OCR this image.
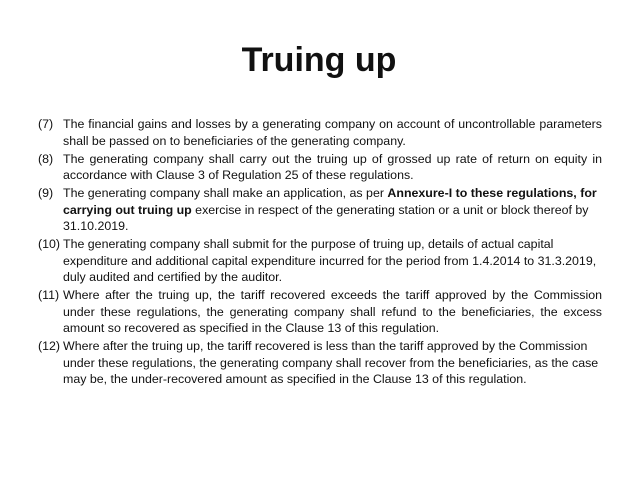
Truing up
(7) The financial gains and losses by a generating company on account of uncontrollable parameters shall be passed on to beneficiaries of the generating company.
(8) The generating company shall carry out the truing up of grossed up rate of return on equity in accordance with Clause 3 of Regulation 25 of these regulations.
(9) The generating company shall make an application, as per Annexure-I to these regulations, for carrying out truing up exercise in respect of the generating station or a unit or block thereof by 31.10.2019.
(10) The generating company shall submit for the purpose of truing up, details of actual capital expenditure and additional capital expenditure incurred for the period from 1.4.2014 to 31.3.2019, duly audited and certified by the auditor.
(11) Where after the truing up, the tariff recovered exceeds the tariff approved by the Commission under these regulations, the generating company shall refund to the beneficiaries, the excess amount so recovered as specified in the Clause 13 of this regulation.
(12) Where after the truing up, the tariff recovered is less than the tariff approved by the Commission under these regulations, the generating company shall recover from the beneficiaries, as the case may be, the under-recovered amount as specified in the Clause 13 of this regulation.
